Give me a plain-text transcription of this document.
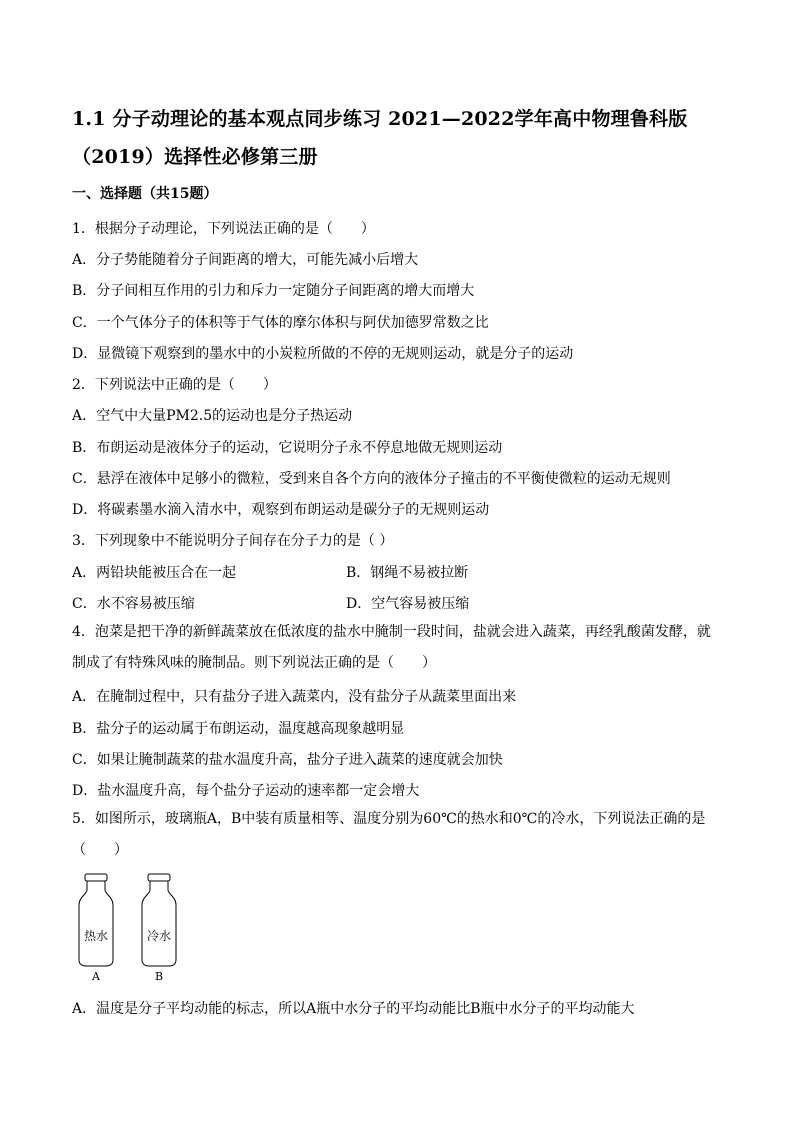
1.1 分子动理论的基本观点同步练习 2021—2022学年高中物理鲁科版（2019）选择性必修第三册
一、选择题（共15题）
1．根据分子动理论，下列说法正确的是（　　）
A．分子势能随着分子间距离的增大，可能先减小后增大
B．分子间相互作用的引力和斥力一定随分子间距离的增大而增大
C．一个气体分子的体积等于气体的摩尔体积与阿伏加德罗常数之比
D．显微镜下观察到的墨水中的小炭粒所做的不停的无规则运动，就是分子的运动
2．下列说法中正确的是（　　）
A．空气中大量PM2.5的运动也是分子热运动
B．布朗运动是液体分子的运动，它说明分子永不停息地做无规则运动
C．悬浮在液体中足够小的微粒，受到来自各个方向的液体分子撞击的不平衡使微粒的运动无规则
D．将碳素墨水滴入清水中，观察到布朗运动是碳分子的无规则运动
3．下列现象中不能说明分子间存在分子力的是（ ）
A．两铅块能被压合在一起	B．钢绳不易被拉断
C．水不容易被压缩	D．空气容易被压缩
4．泡菜是把干净的新鲜蔬菜放在低浓度的盐水中腌制一段时间，盐就会进入蔬菜，再经乳酸菌发酵，就制成了有特殊风味的腌制品。则下列说法正确的是（　　）
A．在腌制过程中，只有盐分子进入蔬菜内，没有盐分子从蔬菜里面出来
B．盐分子的运动属于布朗运动，温度越高现象越明显
C．如果让腌制蔬菜的盐水温度升高，盐分子进入蔬菜的速度就会加快
D．盐水温度升高，每个盐分子运动的速率都一定会增大
5．如图所示，玻璃瓶A，B中装有质量相等、温度分别为60℃的热水和0℃的冷水，下列说法正确的是（　　）
热水	冷水
A	B
A．温度是分子平均动能的标志，所以A瓶中水分子的平均动能比B瓶中水分子的平均动能大
